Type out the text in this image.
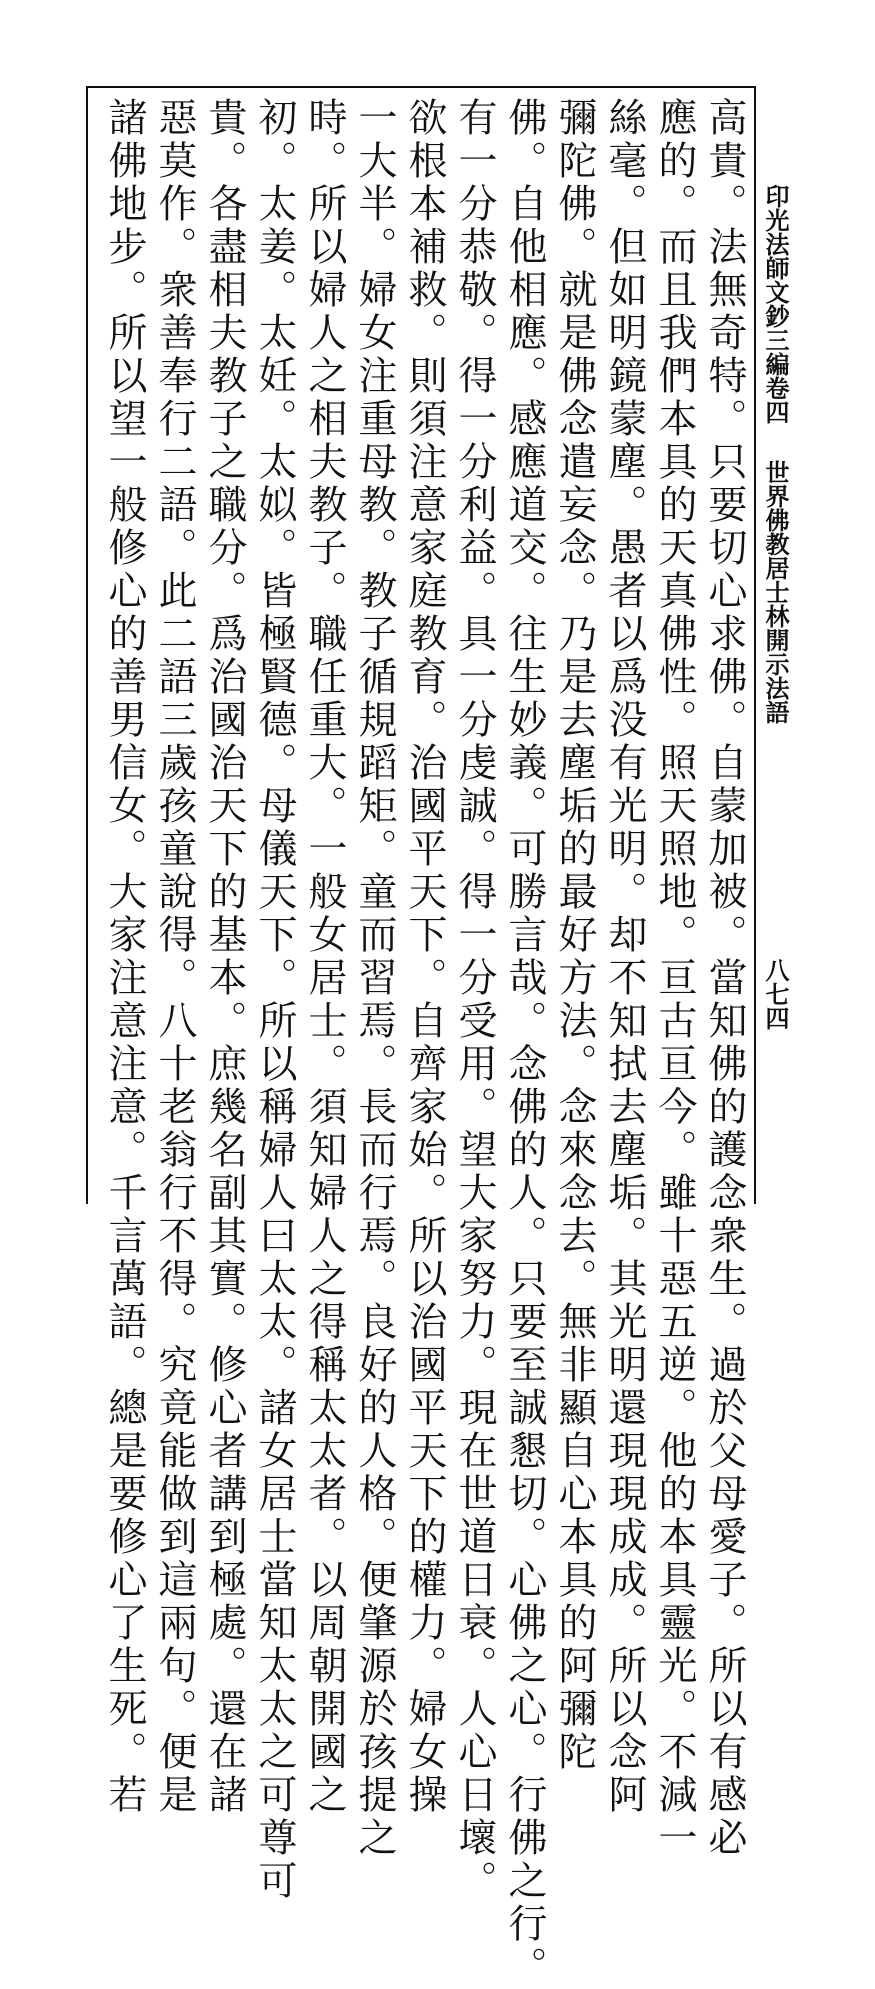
印光法師文鈔三編卷四
世界佛教居士林開示法語
八七四
高貴。法無奇特。只要切心求佛。自蒙加被。當知佛的護念衆生。過於父母愛子。所以有感必
應的。而且我們本具的天真佛性。照天照地。亘古亘今。雖十惡五逆。他的本具靈光。不減一
絲毫。但如明鏡蒙塵。愚者以爲没有光明。却不知拭去塵垢。其光明還現現成成。所以念阿
彌陀佛。就是佛念遣妄念。乃是去塵垢的最好方法。念來念去。無非顯自心本具的阿彌陀
佛。自他相應。感應道交。往生妙義。可勝言哉。念佛的人。只要至誠懇切。心佛之心。行佛之行。
有一分恭敬。得一分利益。具一分虔誠。得一分受用。望大家努力。現在世道日衰。人心日壞。
欲根本補救。則須注意家庭教育。治國平天下。自齊家始。所以治國平天下的權力。婦女操
一大半。婦女注重母教。教子循規蹈矩。童而習焉。長而行焉。良好的人格。便肇源於孩提之
時。所以婦人之相夫教子。職任重大。一般女居士。須知婦人之得稱太太者。以周朝開國之
初。太姜。太妊。太姒。皆極賢德。母儀天下。所以稱婦人曰太太。諸女居士當知太太之可尊可
貴。各盡相夫教子之職分。爲治國治天下的基本。庶幾名副其實。修心者講到極處。還在諸
惡莫作。衆善奉行二語。此二語三歲孩童說得。八十老翁行不得。究竟能做到這兩句。便是
諸佛地步。所以望一般修心的善男信女。大家注意注意。千言萬語。總是要修心了生死。若
